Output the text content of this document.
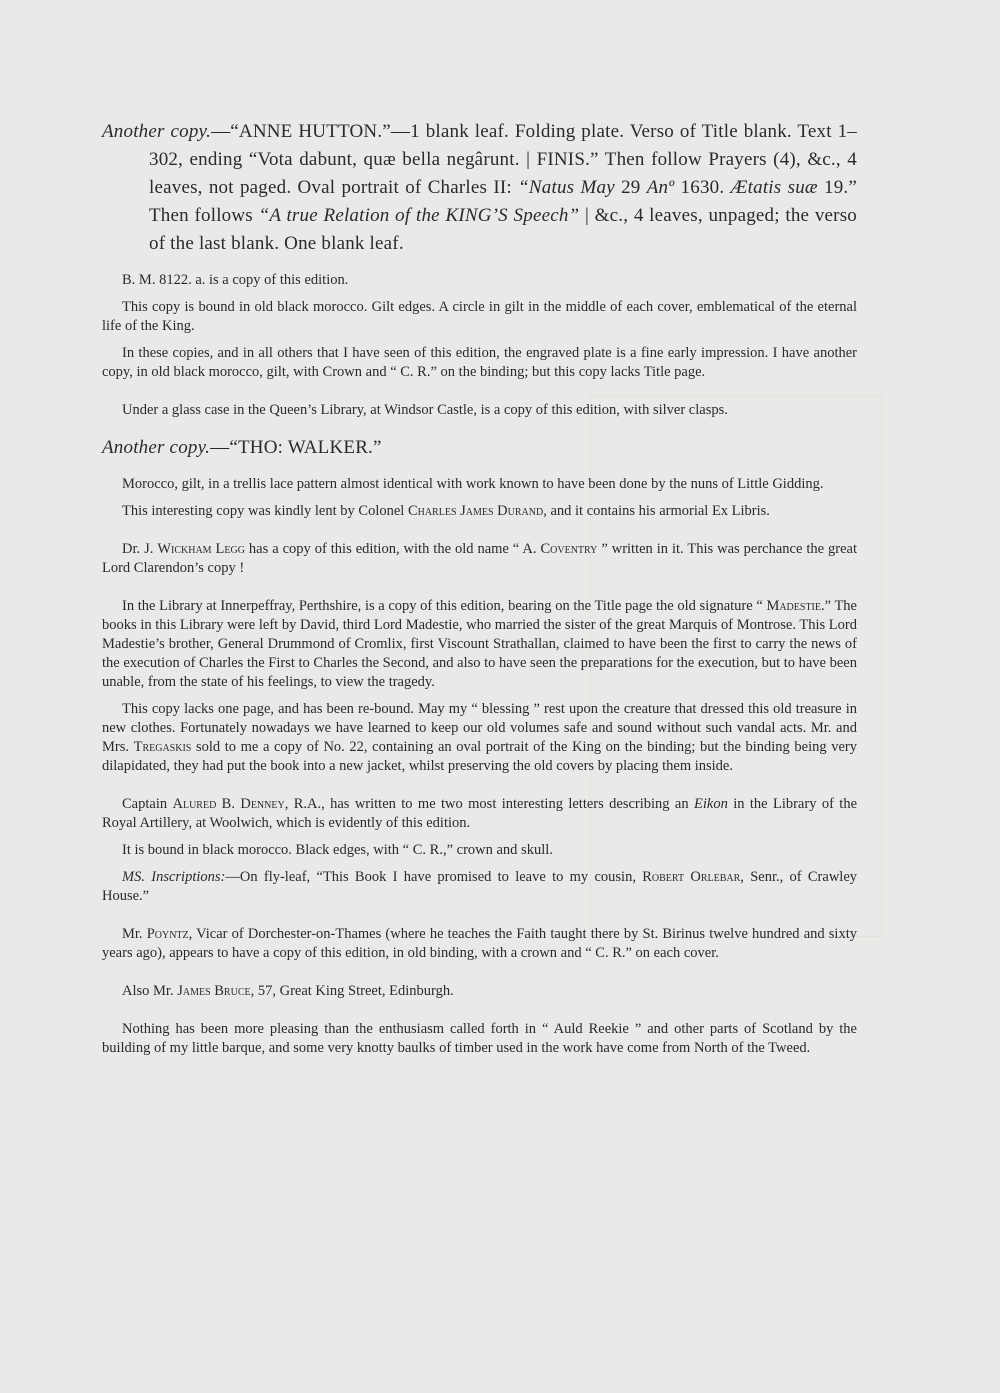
Another copy.—“ANNE HUTTON.”—1 blank leaf. Folding plate. Verso of Title blank. Text 1–302, ending “Vota dabunt, quæ bella negârunt. | FINIS.” Then follow Prayers (4), &c., 4 leaves, not paged. Oval portrait of Charles II: “Natus May 29 Anº 1630. Ætatis suæ 19.” Then follows “A true Relation of the KING’S Speech” | &c., 4 leaves, unpaged; the verso of the last blank. One blank leaf.

B. M. 8122. a. is a copy of this edition.

This copy is bound in old black morocco. Gilt edges. A circle in gilt in the middle of each cover, emblematical of the eternal life of the King.

In these copies, and in all others that I have seen of this edition, the engraved plate is a fine early impression. I have another copy, in old black morocco, gilt, with Crown and “ C. R.” on the binding; but this copy lacks Title page.

Under a glass case in the Queen’s Library, at Windsor Castle, is a copy of this edition, with silver clasps.

Another copy.—“THO: WALKER.”

Morocco, gilt, in a trellis lace pattern almost identical with work known to have been done by the nuns of Little Gidding.

This interesting copy was kindly lent by Colonel Charles James Durand, and it contains his armorial Ex Libris.

Dr. J. Wickham Legg has a copy of this edition, with the old name “ A. Coventry ” written in it. This was perchance the great Lord Clarendon’s copy !

In the Library at Innerpeffray, Perthshire, is a copy of this edition, bearing on the Title page the old signature “ Madestie.” The books in this Library were left by David, third Lord Madestie, who married the sister of the great Marquis of Montrose. This Lord Madestie’s brother, General Drummond of Cromlix, first Viscount Strathallan, claimed to have been the first to carry the news of the execution of Charles the First to Charles the Second, and also to have seen the preparations for the execution, but to have been unable, from the state of his feelings, to view the tragedy.

This copy lacks one page, and has been re-bound. May my “ blessing ” rest upon the creature that dressed this old treasure in new clothes. Fortunately nowadays we have learned to keep our old volumes safe and sound without such vandal acts. Mr. and Mrs. Tregaskis sold to me a copy of No. 22, containing an oval portrait of the King on the binding; but the binding being very dilapidated, they had put the book into a new jacket, whilst preserving the old covers by placing them inside.

Captain Alured B. Denney, R.A., has written to me two most interesting letters describing an Eikon in the Library of the Royal Artillery, at Woolwich, which is evidently of this edition.

It is bound in black morocco. Black edges, with “ C. R.,” crown and skull.

MS. Inscriptions:—On fly-leaf, “This Book I have promised to leave to my cousin, Robert Orlebar, Senr., of Crawley House.”

Mr. Poyntz, Vicar of Dorchester-on-Thames (where he teaches the Faith taught there by St. Birinus twelve hundred and sixty years ago), appears to have a copy of this edition, in old binding, with a crown and “ C. R.” on each cover.

Also Mr. James Bruce, 57, Great King Street, Edinburgh.

Nothing has been more pleasing than the enthusiasm called forth in “ Auld Reekie ” and other parts of Scotland by the building of my little barque, and some very knotty baulks of timber used in the work have come from North of the Tweed.
